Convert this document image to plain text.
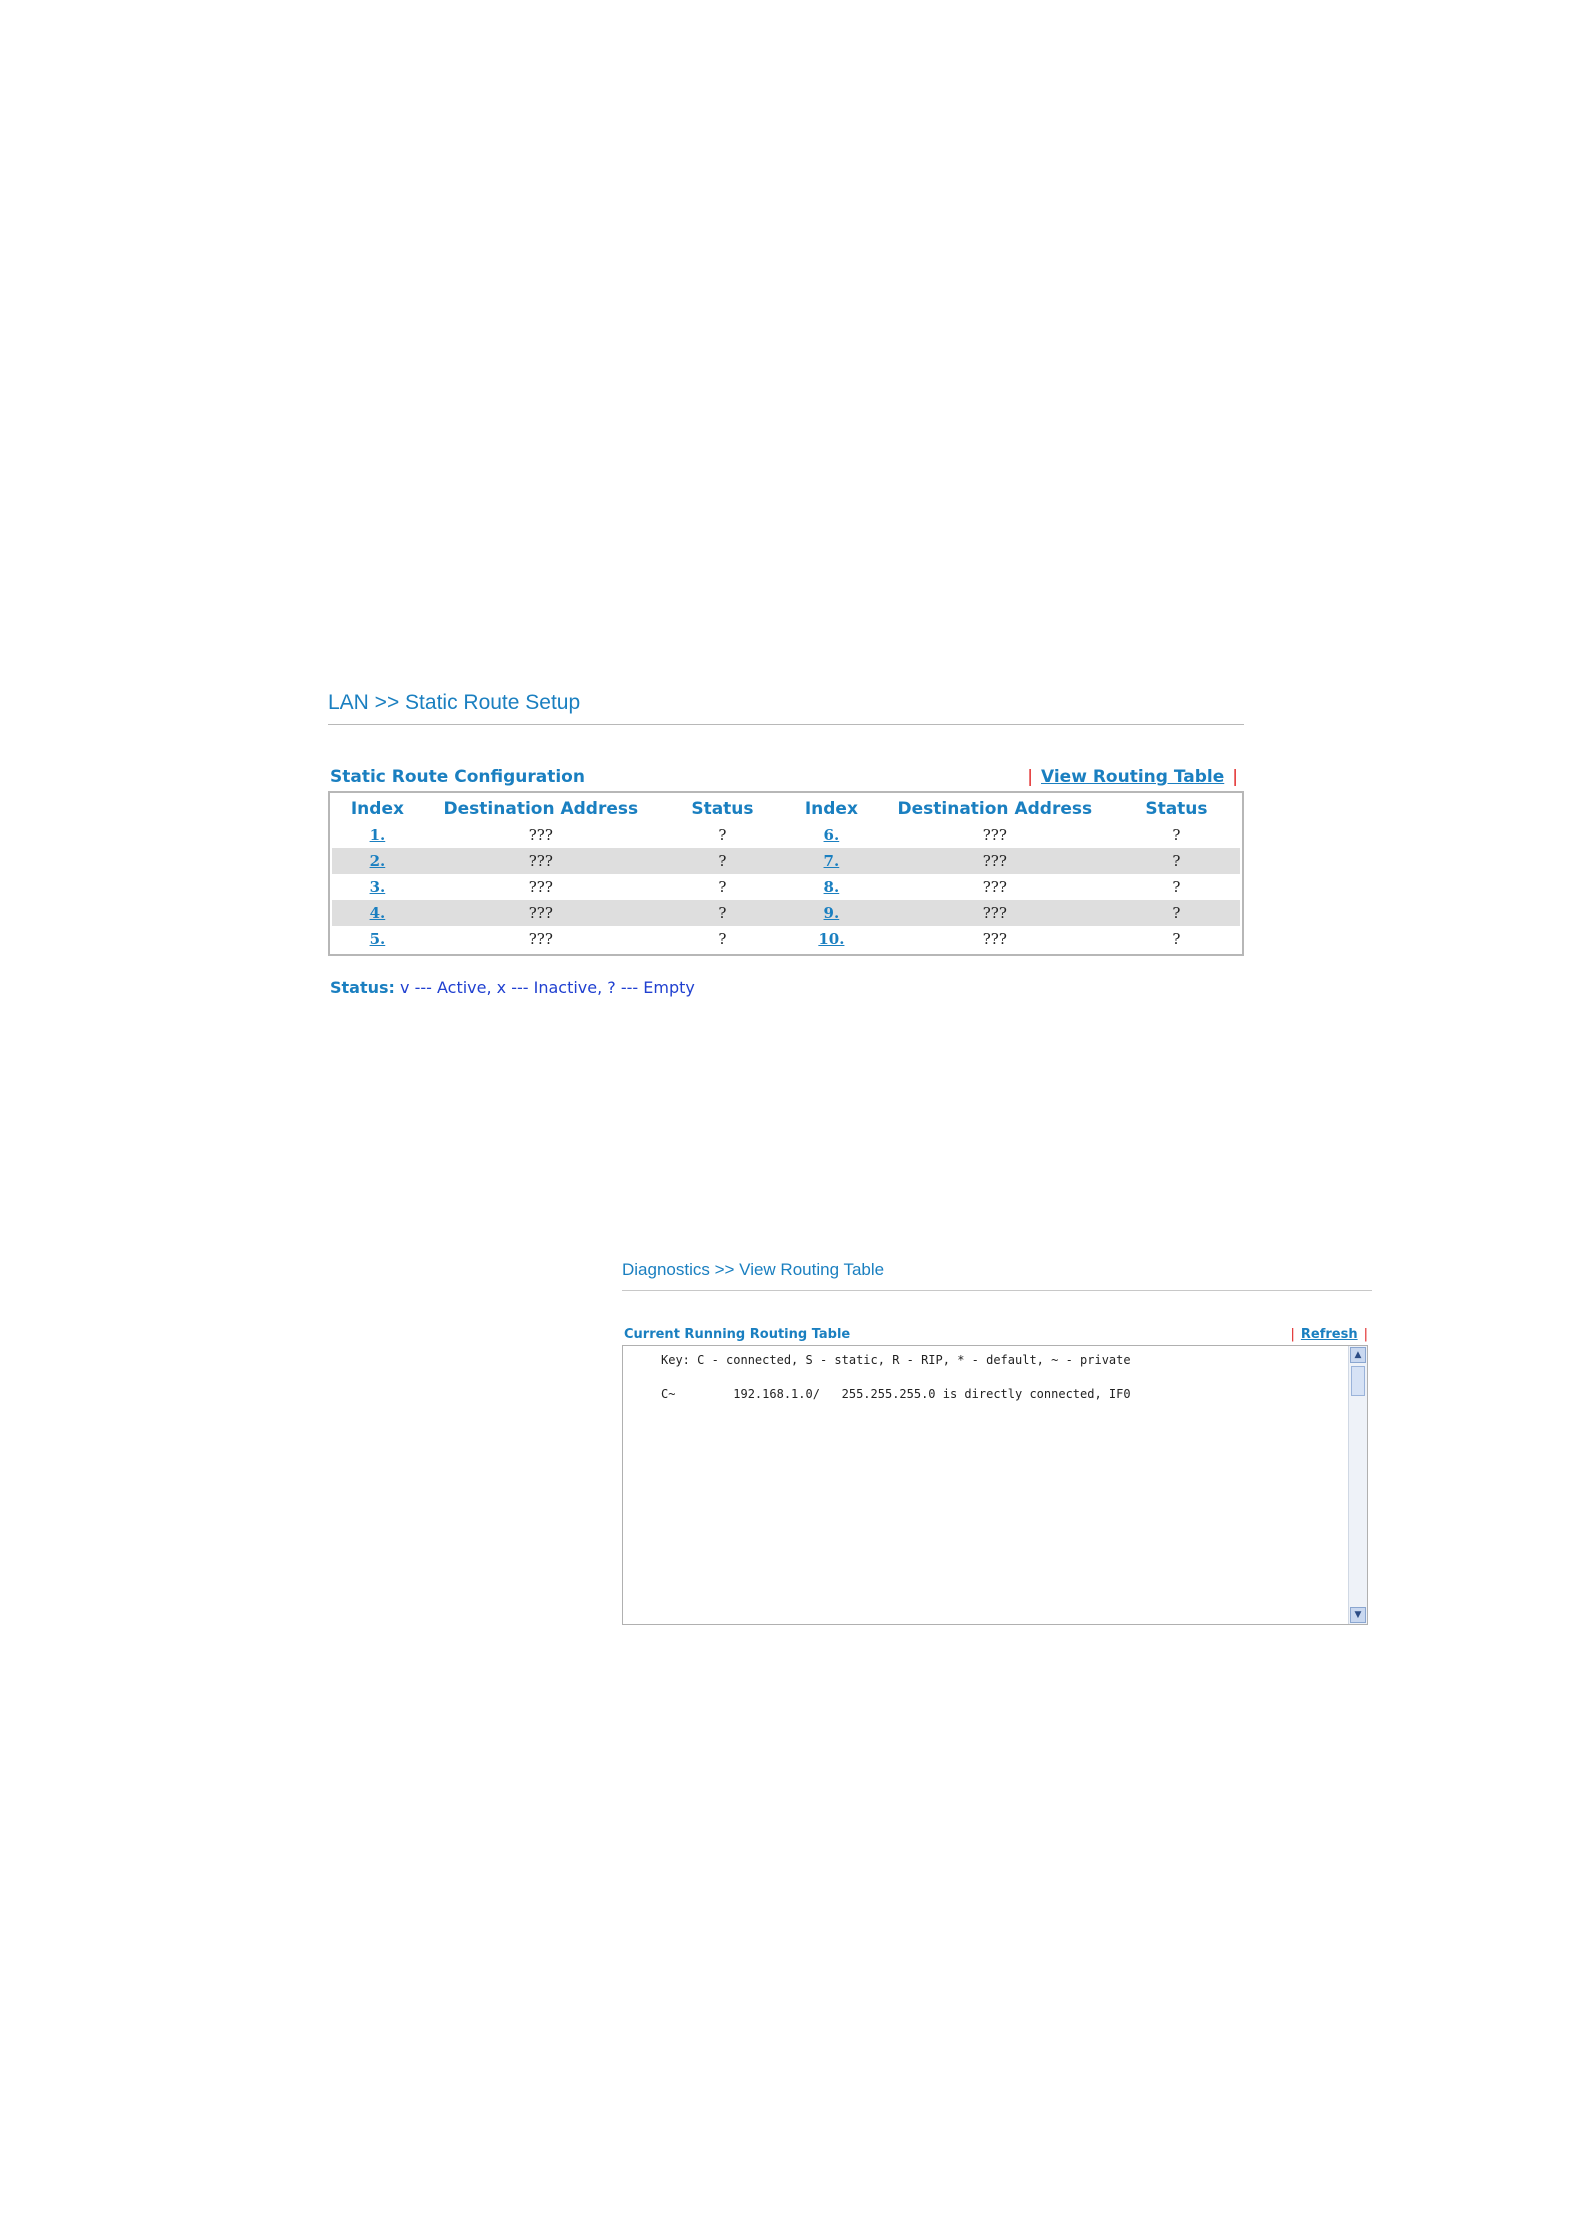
LAN >> Static Route Setup
Static Route Configuration	| View Routing Table |
Index	Destination Address	Status	Index	Destination Address	Status
1.	???	?	6.	???	?
2.	???	?	7.	???	?
3.	???	?	8.	???	?
4.	???	?	9.	???	?
5.	???	?	10.	???	?
Status: v --- Active, x --- Inactive, ? --- Empty
Diagnostics >> View Routing Table
Current Running Routing Table	| Refresh |
Key: C - connected, S - static, R - RIP, * - default, ~ - private

C~        192.168.1.0/   255.255.255.0 is directly connected, IF0
▲
▼
